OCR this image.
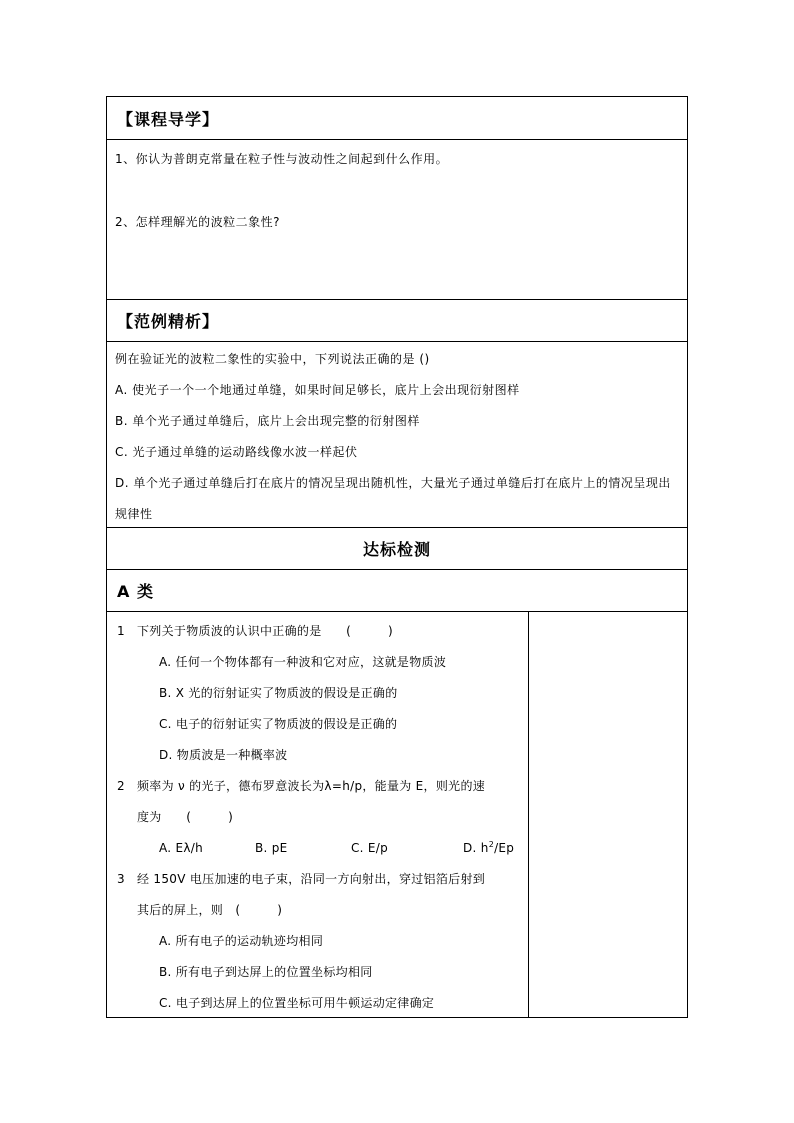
【课程导学】

1、你认为普朗克常量在粒子性与波动性之间起到什么作用。

2、怎样理解光的波粒二象性?

【范例精析】

例在验证光的波粒二象性的实验中，下列说法正确的是 ()

A. 使光子一个一个地通过单缝，如果时间足够长，底片上会出现衍射图样

B. 单个光子通过单缝后，底片上会出现完整的衍射图样

C. 光子通过单缝的运动路线像水波一样起伏

D. 单个光子通过单缝后打在底片的情况呈现出随机性，大量光子通过单缝后打在底片上的情况呈现出规律性

达标检测
A 类
1	下列关于物质波的认识中正确的是　　(　　　)
A. 任何一个物体都有一种波和它对应，这就是物质波
B. X 光的衍射证实了物质波的假设是正确的
C. 电子的衍射证实了物质波的假设是正确的
D. 物质波是一种概率波
2	频率为 ν 的光子，德布罗意波长为λ=h/p，能量为 E，则光的速
度为　　(　　　)
A. Eλ/h	B. pE	C. E/p	D. $h^2/Ep$
3	经 150V 电压加速的电子束，沿同一方向射出，穿过铝箔后射到
其后的屏上，则　(　　　)
A. 所有电子的运动轨迹均相同
B. 所有电子到达屏上的位置坐标均相同
C. 电子到达屏上的位置坐标可用牛顿运动定律确定
